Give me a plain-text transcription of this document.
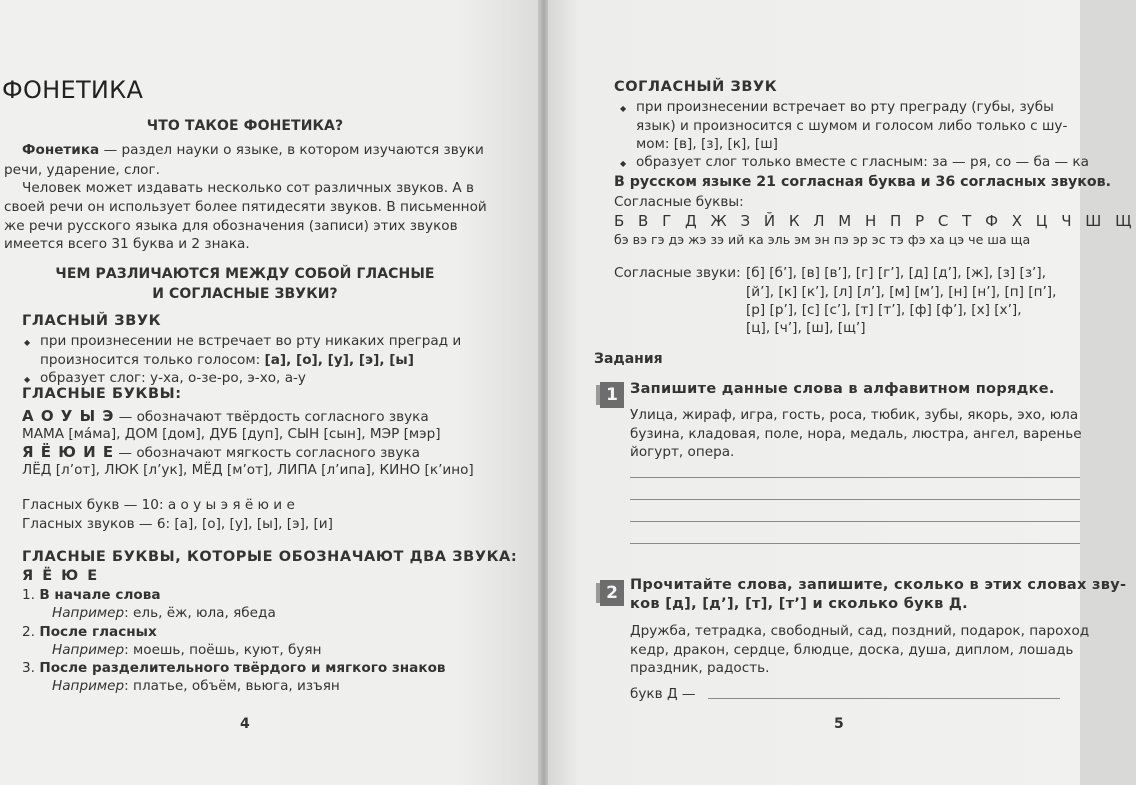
ФОНЕТИКА
ЧТО ТАКОЕ ФОНЕТИКА?
Фонетика — раздел науки о языке, в котором изучаются звуки
речи, ударение, слог.
Человек может издавать несколько сот различных звуков. А в
своей речи он использует более пятидесяти звуков. В письменной
же речи русского языка для обозначения (записи) этих звуков
имеется всего 31 буква и 2 знака.
ЧЕМ РАЗЛИЧАЮТСЯ МЕЖДУ СОБОЙ ГЛАСНЫЕ
И СОГЛАСНЫЕ ЗВУКИ?
ГЛАСНЫЙ ЗВУК
◆ при произнесении не встречает во рту никаких преград и
произносится только голосом: [а], [о], [у], [э], [ы]
◆ образует слог: у-ха, о-зе-ро, э-хо, а-у
ГЛАСНЫЕ БУКВЫ:
А О У Ы Э — обозначают твёрдость согласного звука
МАМА [ма́ма], ДОМ [дом], ДУБ [дуп], СЫН [сын], МЭР [мэр]
Я Ё Ю И Е — обозначают мягкость согласного звука
ЛЁД [л’от], ЛЮК [л’ук], МЁД [м’от], ЛИПА [л’ипа], КИНО [к’ино]
Гласных букв — 10: а о у ы э я ё ю и е
Гласных звуков — 6: [а], [о], [у], [ы], [э], [и]
ГЛАСНЫЕ БУКВЫ, КОТОРЫЕ ОБОЗНАЧАЮТ ДВА ЗВУКА:
Я Ё Ю Е
1. В начале слова
Например: ель, ёж, юла, ябеда
2. После гласных
Например: моешь, поёшь, куют, буян
3. После разделительного твёрдого и мягкого знаков
Например: платье, объём, вьюга, изъян
4
СОГЛАСНЫЙ ЗВУК
◆ при произнесении встречает во рту преграду (губы, зубы
язык) и произносится с шумом и голосом либо только с шу-
мом: [в], [з], [к], [ш]
◆ образует слог только вместе с гласным: за — ря, со — ба — ка
В русском языке 21 согласная буква и 36 согласных звуков.
Согласные буквы:
Б В Г Д Ж З Й К Л М Н П Р С Т Ф Х Ц Ч Ш Щ
бэ вэ гэ дэ жэ зэ ий ка эль эм эн пэ эр эс тэ фэ ха цэ че ша ща
Согласные звуки: [б] [б’], [в] [в’], [г] [г’], [д] [д’], [ж], [з] [з’],
[й’], [к] [к’], [л] [л’], [м] [м’], [н] [н’], [п] [п’],
[р] [р’], [с] [с’], [т] [т’], [ф] [ф’], [х] [х’],
[ц], [ч’], [ш], [щ’]
Задания
1 Запишите данные слова в алфавитном порядке.
Улица, жираф, игра, гость, роса, тюбик, зубы, якорь, эхо, юла
бузина, кладовая, поле, нора, медаль, люстра, ангел, варенье
йогурт, опера.
2 Прочитайте слова, запишите, сколько в этих словах зву-
ков [д], [д’], [т], [т’] и сколько букв Д.
Дружба, тетрадка, свободный, сад, поздний, подарок, пароход
кедр, дракон, сердце, блюдце, доска, душа, диплом, лошадь
праздник, радость.
букв Д —
5
